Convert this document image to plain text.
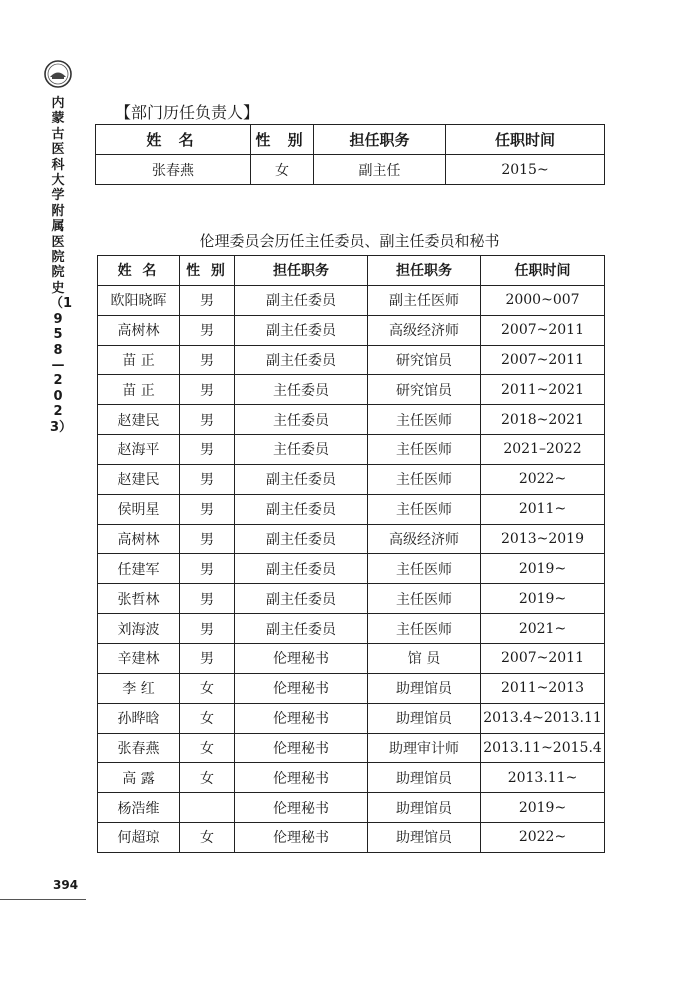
内蒙古医科大学附属医院院史（1958—2023）
【部门历任负责人】
姓 名	性 别	担任职务	任职时间
张春燕	女	副主任	2015~
伦理委员会历任主任委员、副主任委员和秘书
姓 名	性 别	担任职务	担任职务	任职时间
欧阳晓晖	男	副主任委员	副主任医师	2000~007
高树林	男	副主任委员	高级经济师	2007~2011
苗 正	男	副主任委员	研究馆员	2007~2011
苗 正	男	主任委员	研究馆员	2011~2021
赵建民	男	主任委员	主任医师	2018~2021
赵海平	男	主任委员	主任医师	2021–2022
赵建民	男	副主任委员	主任医师	2022~
侯明星	男	副主任委员	主任医师	2011~
高树林	男	副主任委员	高级经济师	2013~2019
任建军	男	副主任委员	主任医师	2019~
张哲林	男	副主任委员	主任医师	2019~
刘海波	男	副主任委员	主任医师	2021~
辛建林	男	伦理秘书	馆 员	2007~2011
李 红	女	伦理秘书	助理馆员	2011~2013
孙晔晗	女	伦理秘书	助理馆员	2013.4~2013.11
张春燕	女	伦理秘书	助理审计师	2013.11~2015.4
高 露	女	伦理秘书	助理馆员	2013.11~
杨浩维		伦理秘书	助理馆员	2019~
何超琼	女	伦理秘书	助理馆员	2022~
394
